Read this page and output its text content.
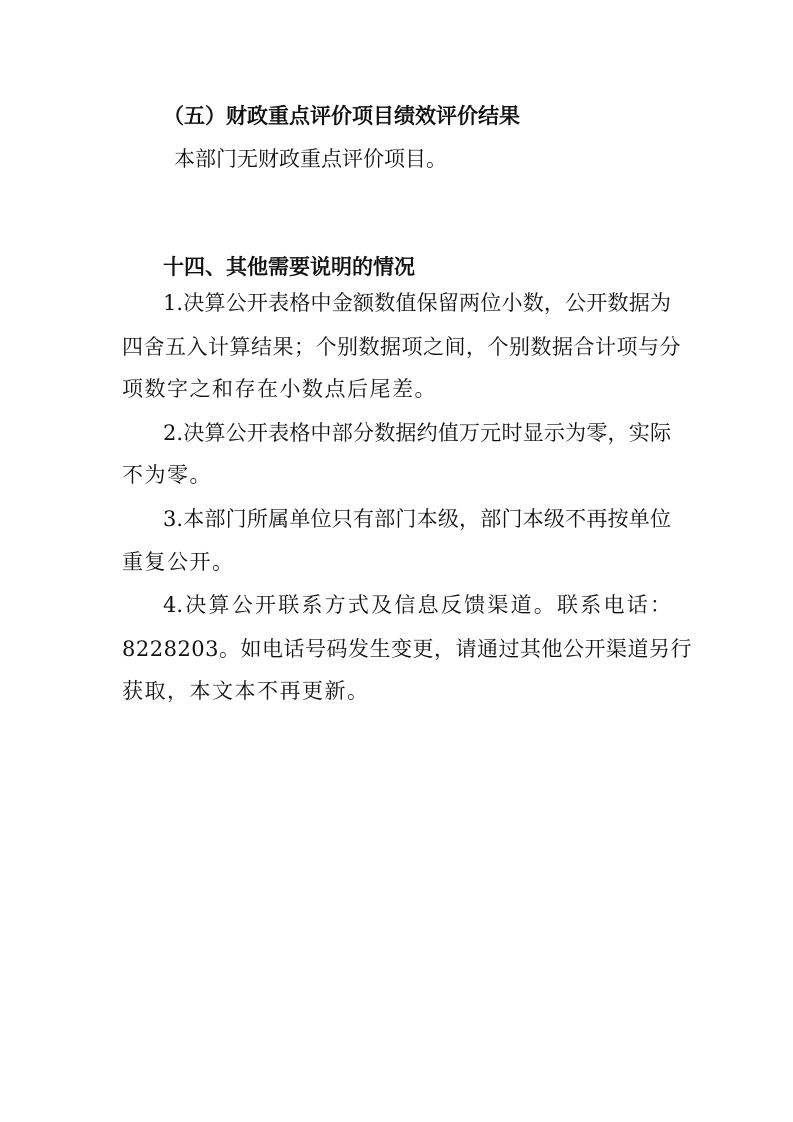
（五）财政重点评价项目绩效评价结果
本部门无财政重点评价项目。
十四、其他需要说明的情况
1.决算公开表格中金额数值保留两位小数，公开数据为
四舍五入计算结果；个别数据项之间，个别数据合计项与分
项数字之和存在小数点后尾差。
2.决算公开表格中部分数据约值万元时显示为零，实际
不为零。
3.本部门所属单位只有部门本级，部门本级不再按单位
重复公开。
4.决算公开联系方式及信息反馈渠道。联系电话：
8228203。如电话号码发生变更，请通过其他公开渠道另行
获取，本文本不再更新。
